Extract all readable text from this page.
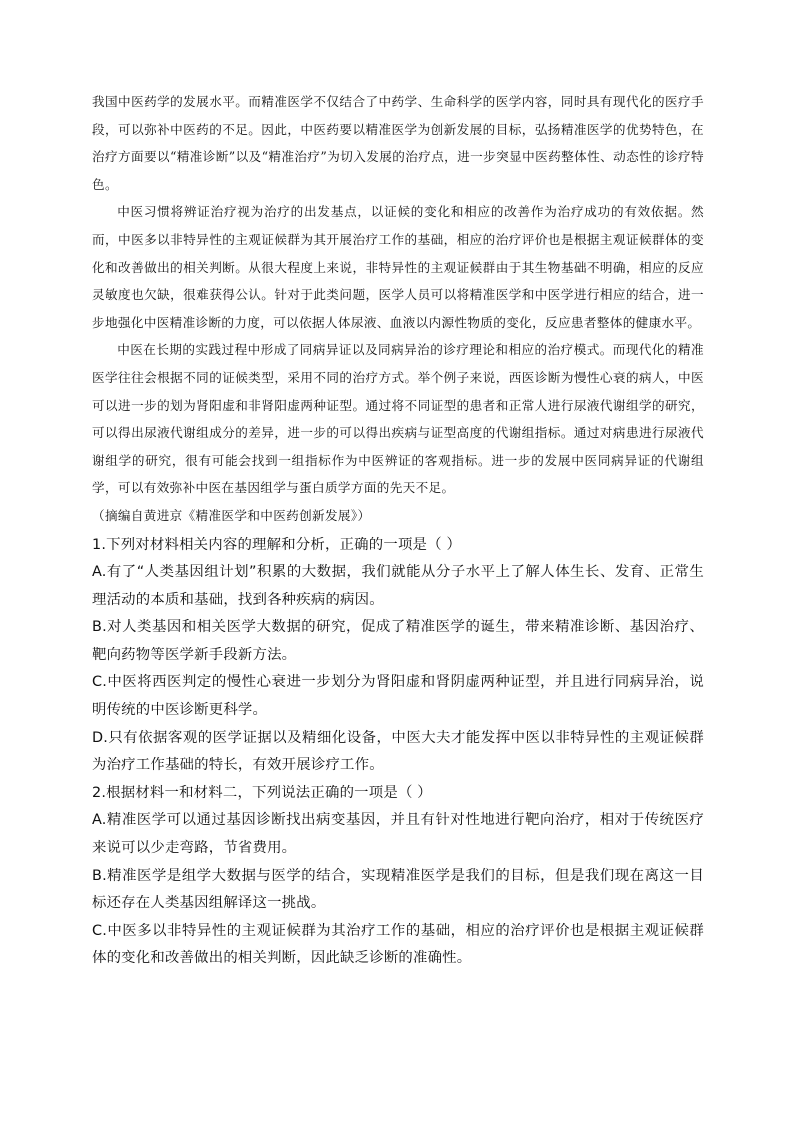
我国中医药学的发展水平。而精准医学不仅结合了中药学、生命科学的医学内容，同时具有现代化的医疗手段，可以弥补中医药的不足。因此，中医药要以精准医学为创新发展的目标，弘扬精准医学的优势特色，在治疗方面要以“精准诊断”以及“精准治疗”为切入发展的治疗点，进一步突显中医药整体性、动态性的诊疗特色。

中医习惯将辨证治疗视为治疗的出发基点，以证候的变化和相应的改善作为治疗成功的有效依据。然而，中医多以非特异性的主观证候群为其开展治疗工作的基础，相应的治疗评价也是根据主观证候群体的变化和改善做出的相关判断。从很大程度上来说，非特异性的主观证候群由于其生物基础不明确，相应的反应灵敏度也欠缺，很难获得公认。针对于此类问题，医学人员可以将精准医学和中医学进行相应的结合，进一步地强化中医精准诊断的力度，可以依据人体尿液、血液以内源性物质的变化，反应患者整体的健康水平。

中医在长期的实践过程中形成了同病异证以及同病异治的诊疗理论和相应的治疗模式。而现代化的精准医学往往会根据不同的证候类型，采用不同的治疗方式。举个例子来说，西医诊断为慢性心衰的病人，中医可以进一步的划为肾阳虚和非肾阳虚两种证型。通过将不同证型的患者和正常人进行尿液代谢组学的研究，可以得出尿液代谢组成分的差异，进一步的可以得出疾病与证型高度的代谢组指标。通过对病患进行尿液代谢组学的研究，很有可能会找到一组指标作为中医辨证的客观指标。进一步的发展中医同病异证的代谢组学，可以有效弥补中医在基因组学与蛋白质学方面的先天不足。

（摘编自黄进京《精准医学和中医药创新发展》）

1.下列对材料相关内容的理解和分析，正确的一项是（ ）

A.有了“人类基因组计划”积累的大数据，我们就能从分子水平上了解人体生长、发育、正常生理活动的本质和基础，找到各种疾病的病因。

B.对人类基因和相关医学大数据的研究，促成了精准医学的诞生，带来精准诊断、基因治疗、靶向药物等医学新手段新方法。

C.中医将西医判定的慢性心衰进一步划分为肾阳虚和肾阴虚两种证型，并且进行同病异治，说明传统的中医诊断更科学。

D.只有依据客观的医学证据以及精细化设备，中医大夫才能发挥中医以非特异性的主观证候群为治疗工作基础的特长，有效开展诊疗工作。

2.根据材料一和材料二，下列说法正确的一项是（ ）

A.精准医学可以通过基因诊断找出病变基因，并且有针对性地进行靶向治疗，相对于传统医疗来说可以少走弯路，节省费用。

B.精准医学是组学大数据与医学的结合，实现精准医学是我们的目标，但是我们现在离这一目标还存在人类基因组解译这一挑战。

C.中医多以非特异性的主观证候群为其治疗工作的基础，相应的治疗评价也是根据主观证候群体的变化和改善做出的相关判断，因此缺乏诊断的准确性。
